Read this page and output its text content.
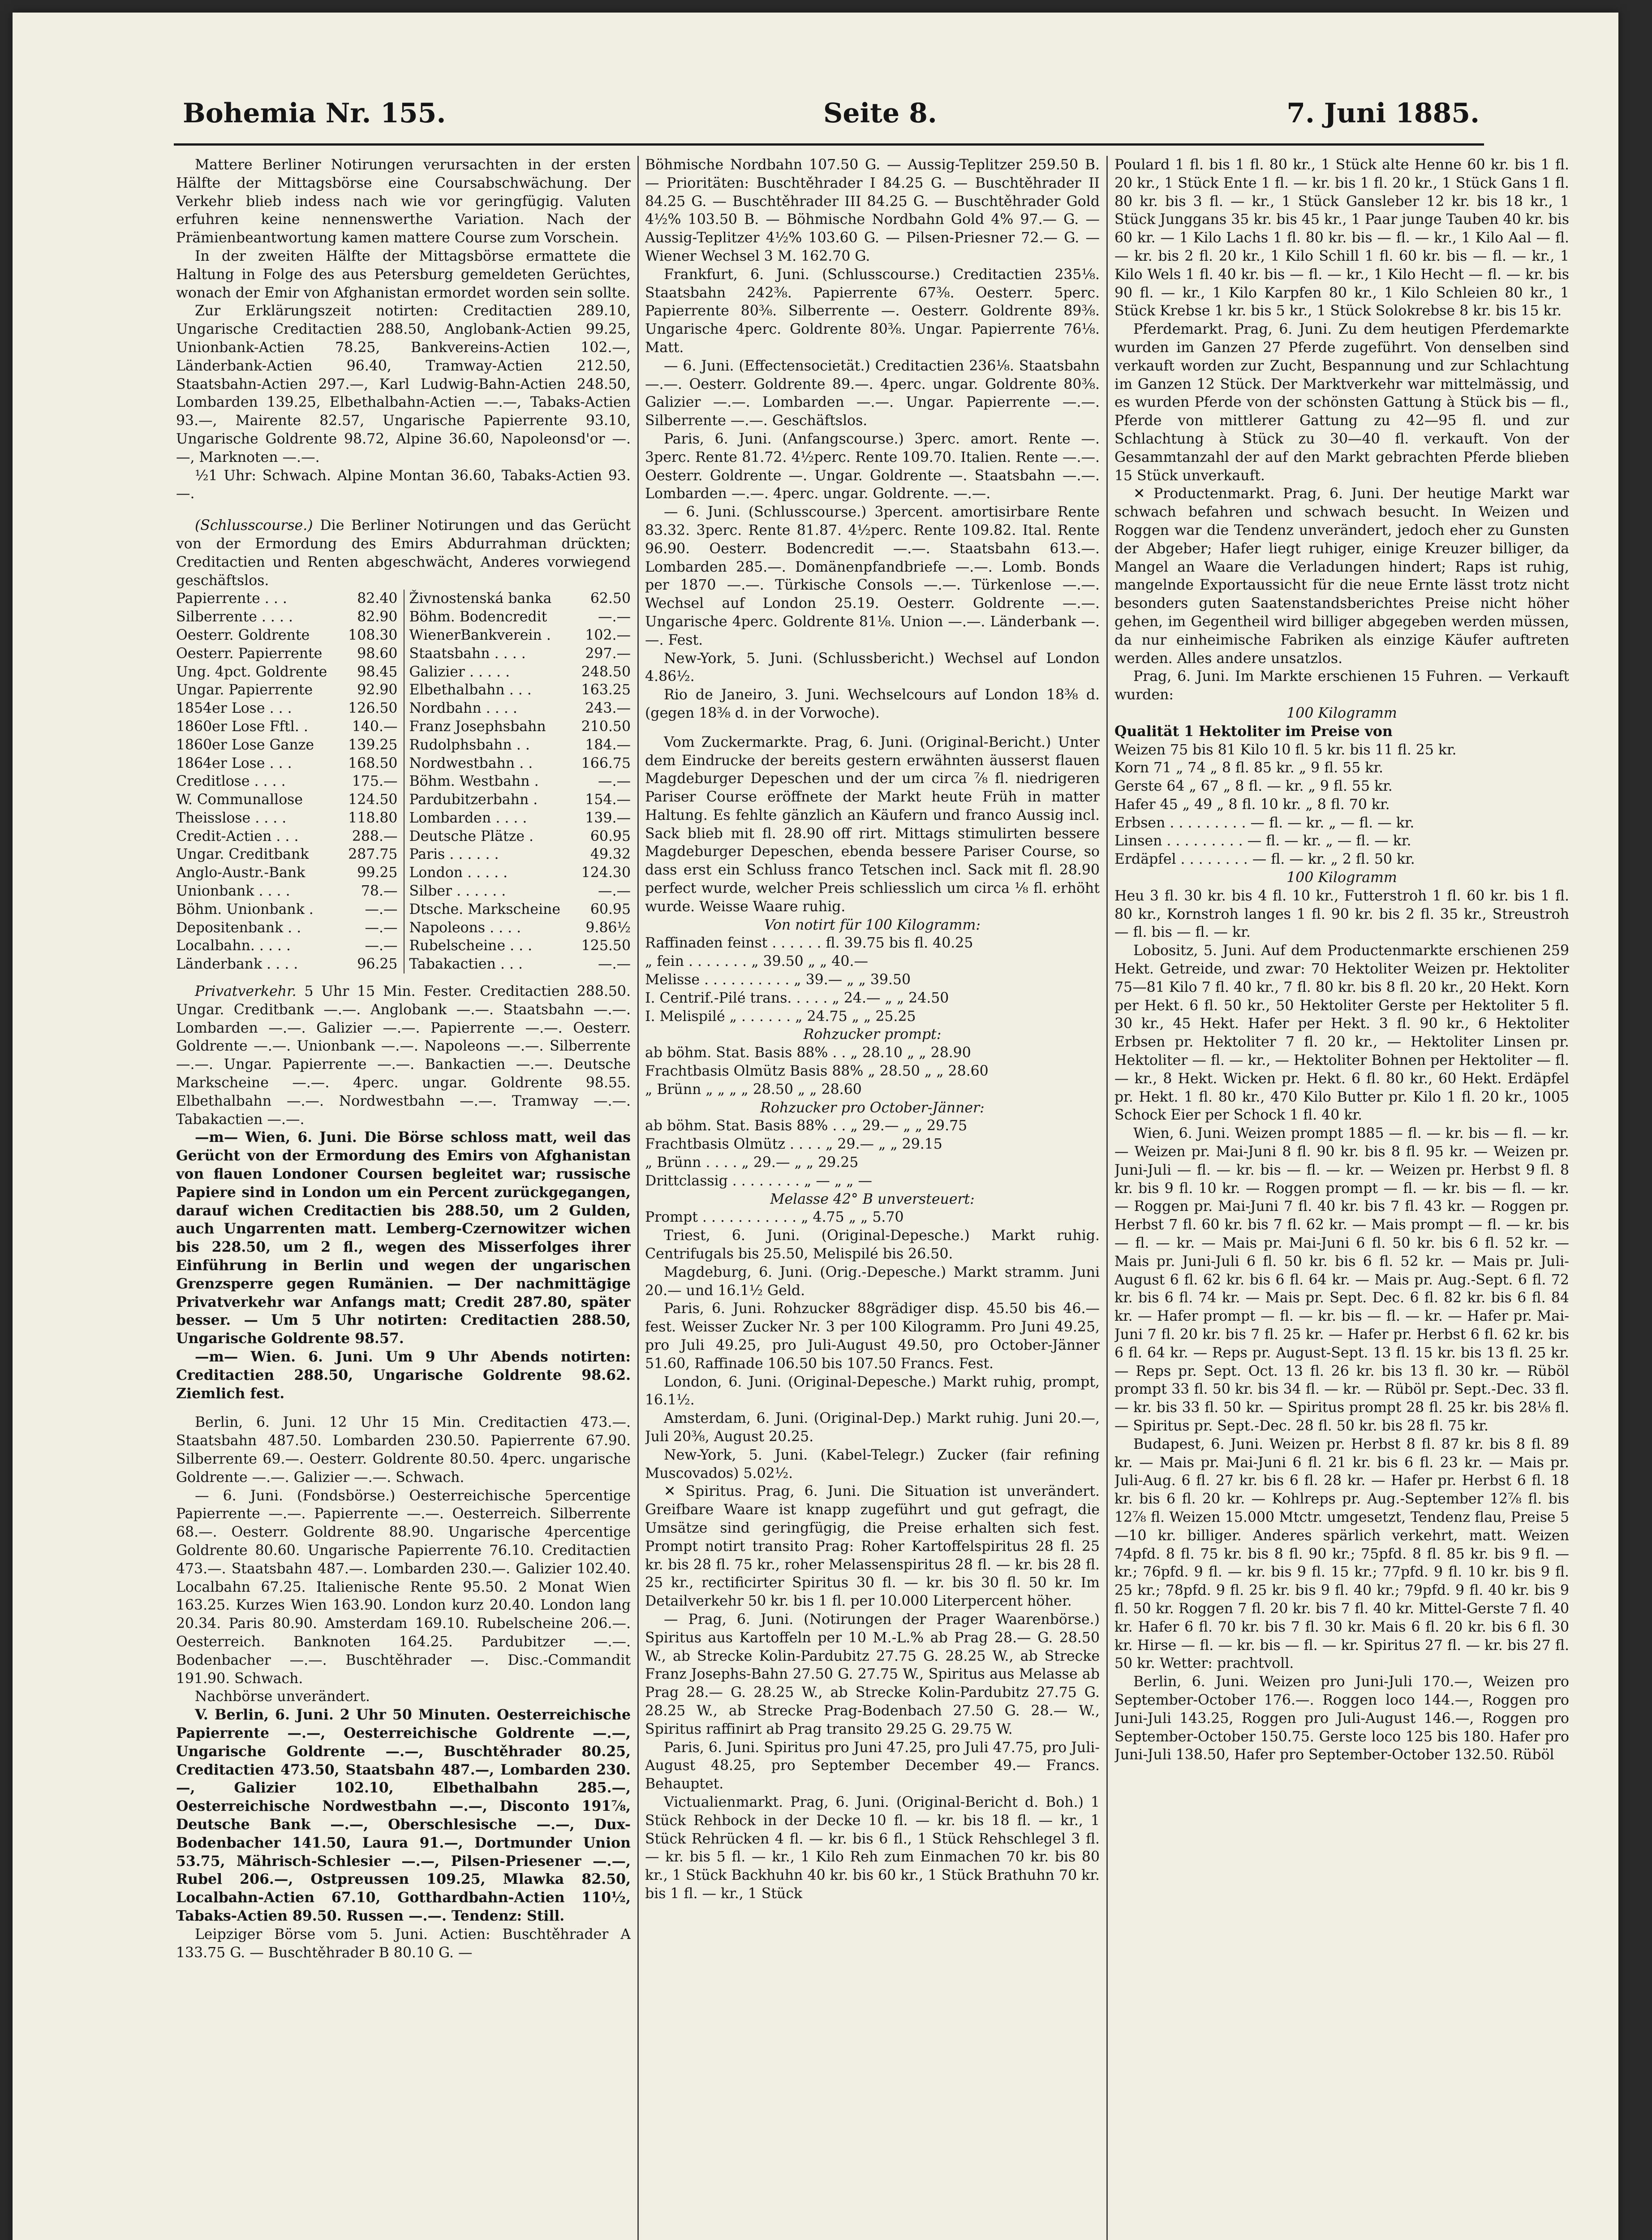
Bohemia Nr. 155.	Seite 8.	7. Juni 1885.

Mattere Berliner Notirungen verursachten in der ersten Hälfte der Mittagsbörse eine Coursabschwächung. Der Verkehr blieb indess nach wie vor geringfügig. Valuten erfuhren keine nennenswerthe Variation. Nach der Prämienbeantwortung kamen mattere Course zum Vorschein.

In der zweiten Hälfte der Mittagsbörse ermattete die Haltung in Folge des aus Petersburg gemeldeten Gerüchtes, wonach der Emir von Afghanistan ermordet worden sein sollte.

Zur Erklärungszeit notirten: Creditactien 289.10, Ungarische Creditactien 288.50, Anglobank-Actien 99.25, Unionbank-Actien 78.25, Bankvereins-Actien 102.—, Länderbank-Actien 96.40, Tramway-Actien 212.50, Staatsbahn-Actien 297.—, Karl Ludwig-Bahn-Actien 248.50, Lombarden 139.25, Elbethalbahn-Actien —.—, Tabaks-Actien 93.—, Mairente 82.57, Ungarische Papierrente 93.10, Ungarische Goldrente 98.72, Alpine 36.60, Napoleonsd'or —.—, Marknoten —.—.

½1 Uhr: Schwach. Alpine Montan 36.60, Tabaks-Actien 93.—.

(Schlusscourse.) Die Berliner Notirungen und das Gerücht von der Ermordung des Emirs Abdurrahman drückten; Creditactien und Renten abgeschwächt, Anderes vorwiegend geschäftslos.

Papierrente . . .	82.40	Živnostenská banka	62.50
Silberrente . . . .	82.90	Böhm. Bodencredit	—.—
Oesterr. Goldrente	108.30	WienerBankverein .	102.—
Oesterr. Papierrente	98.60	Staatsbahn . . . .	297.—
Ung. 4pct. Goldrente	98.45	Galizier . . . . .	248.50
Ungar. Papierrente	92.90	Elbethalbahn . . .	163.25
1854er Lose . . .	126.50	Nordbahn . . . .	243.—
1860er Lose Fftl. .	140.—	Franz Josephsbahn	210.50
1860er Lose Ganze	139.25	Rudolphsbahn . .	184.—
1864er Lose . . .	168.50	Nordwestbahn . .	166.75
Creditlose . . . .	175.—	Böhm. Westbahn .	—.—
W. Communallose	124.50	Pardubitzerbahn .	154.—
Theisslose . . . .	118.80	Lombarden . . . .	139.—
Credit-Actien . . .	288.—	Deutsche Plätze .	60.95
Ungar. Creditbank	287.75	Paris . . . . . .	49.32
Anglo-Austr.-Bank	99.25	London . . . . .	124.30
Unionbank . . . .	78.—	Silber . . . . . .	—.—
Böhm. Unionbank .	—.—	Dtsche. Markscheine	60.95
Depositenbank . .	—.—	Napoleons . . . .	9.86½
Localbahn. . . . .	—.—	Rubelscheine . . .	125.50
Länderbank . . . .	96.25	Tabakactien . . .	—.—

Privatverkehr. 5 Uhr 15 Min. Fester. Creditactien 288.50. Ungar. Creditbank —.—. Anglobank —.—. Staatsbahn —.—. Lombarden —.—. Galizier —.—. Papierrente —.—. Oesterr. Goldrente —.—. Unionbank —.—. Napoleons —.—. Silberrente —.—. Ungar. Papierrente —.—. Bankactien —.—. Deutsche Markscheine —.—. 4perc. ungar. Goldrente 98.55. Elbethalbahn —.—. Nordwestbahn —.—. Tramway —.—. Tabakactien —.—.

—m— Wien, 6. Juni. Die Börse schloss matt, weil das Gerücht von der Ermordung des Emirs von Afghanistan von flauen Londoner Coursen begleitet war; russische Papiere sind in London um ein Percent zurückgegangen, darauf wichen Creditactien bis 288.50, um 2 Gulden, auch Ungarrenten matt. Lemberg-Czernowitzer wichen bis 228.50, um 2 fl., wegen des Misserfolges ihrer Einführung in Berlin und wegen der ungarischen Grenzsperre gegen Rumänien. — Der nachmittägige Privatverkehr war Anfangs matt; Credit 287.80, später besser. — Um 5 Uhr notirten: Creditactien 288.50, Ungarische Goldrente 98.57.

—m— Wien. 6. Juni. Um 9 Uhr Abends notirten: Creditactien 288.50, Ungarische Goldrente 98.62. Ziemlich fest.

Berlin, 6. Juni. 12 Uhr 15 Min. Creditactien 473.—. Staatsbahn 487.50. Lombarden 230.50. Papierrente 67.90. Silberrente 69.—. Oesterr. Goldrente 80.50. 4perc. ungarische Goldrente —.—. Galizier —.—. Schwach.

— 6. Juni. (Fondsbörse.) Oesterreichische 5percentige Papierrente —.—. Papierrente —.—. Oesterreich. Silberrente 68.—. Oesterr. Goldrente 88.90. Ungarische 4percentige Goldrente 80.60. Ungarische Papierrente 76.10. Creditactien 473.—. Staatsbahn 487.—. Lombarden 230.—. Galizier 102.40. Localbahn 67.25. Italienische Rente 95.50. 2 Monat Wien 163.25. Kurzes Wien 163.90. London kurz 20.40. London lang 20.34. Paris 80.90. Amsterdam 169.10. Rubelscheine 206.—. Oesterreich. Banknoten 164.25. Pardubitzer —.—. Bodenbacher —.—. Buschtěhrader —. Disc.-Commandit 191.90. Schwach.

Nachbörse unverändert.

V. Berlin, 6. Juni. 2 Uhr 50 Minuten. Oesterreichische Papierrente —.—, Oesterreichische Goldrente —.—, Ungarische Goldrente —.—, Buschtěhrader 80.25, Creditactien 473.50, Staatsbahn 487.—, Lombarden 230.—, Galizier 102.10, Elbethalbahn 285.—, Oesterreichische Nordwestbahn —.—, Disconto 191⅞, Deutsche Bank —.—, Oberschlesische —.—, Dux-Bodenbacher 141.50, Laura 91.—, Dortmunder Union 53.75, Mährisch-Schlesier —.—, Pilsen-Priesener —.—, Rubel 206.—, Ostpreussen 109.25, Mlawka 82.50, Localbahn-Actien 67.10, Gotthardbahn-Actien 110½, Tabaks-Actien 89.50. Russen —.—. Tendenz: Still.

Leipziger Börse vom 5. Juni. Actien: Buschtěhrader A 133.75 G. — Buschtěhrader B 80.10 G. —

Böhmische Nordbahn 107.50 G. — Aussig-Teplitzer 259.50 B. — Prioritäten: Buschtěhrader I 84.25 G. — Buschtěhrader II 84.25 G. — Buschtěhrader III 84.25 G. — Buschtěhrader Gold 4½% 103.50 B. — Böhmische Nordbahn Gold 4% 97.— G. — Aussig-Teplitzer 4½% 103.60 G. — Pilsen-Priesner 72.— G. — Wiener Wechsel 3 M. 162.70 G.

Frankfurt, 6. Juni. (Schlusscourse.) Creditactien 235⅛. Staatsbahn 242⅜. Papierrente 67⅜. Oesterr. 5perc. Papierrente 80⅜. Silberrente —. Oesterr. Goldrente 89⅜. Ungarische 4perc. Goldrente 80⅜. Ungar. Papierrente 76⅛. Matt.

— 6. Juni. (Effectensocietät.) Creditactien 236⅛. Staatsbahn —.—. Oesterr. Goldrente 89.—. 4perc. ungar. Goldrente 80⅜. Galizier —.—. Lombarden —.—. Ungar. Papierrente —.—. Silberrente —.—. Geschäftslos.

Paris, 6. Juni. (Anfangscourse.) 3perc. amort. Rente —. 3perc. Rente 81.72. 4½perc. Rente 109.70. Italien. Rente —.—. Oesterr. Goldrente —. Ungar. Goldrente —. Staatsbahn —.—. Lombarden —.—. 4perc. ungar. Goldrente. —.—.

— 6. Juni. (Schlusscourse.) 3percent. amortisirbare Rente 83.32. 3perc. Rente 81.87. 4½perc. Rente 109.82. Ital. Rente 96.90. Oesterr. Bodencredit —.—. Staatsbahn 613.—. Lombarden 285.—. Domänenpfandbriefe —.—. Lomb. Bonds per 1870 —.—. Türkische Consols —.—. Türkenlose —.—. Wechsel auf London 25.19. Oesterr. Goldrente —.—. Ungarische 4perc. Goldrente 81⅛. Union —.—. Länderbank —.—. Fest.

New-York, 5. Juni. (Schlussbericht.) Wechsel auf London 4.86½.

Rio de Janeiro, 3. Juni. Wechselcours auf London 18⅜ d. (gegen 18⅜ d. in der Vorwoche).

Vom Zuckermarkte. Prag, 6. Juni. (Original-Bericht.) Unter dem Eindrucke der bereits gestern erwähnten äusserst flauen Magdeburger Depeschen und der um circa ⅞ fl. niedrigeren Pariser Course eröffnete der Markt heute Früh in matter Haltung. Es fehlte gänzlich an Käufern und franco Aussig incl. Sack blieb mit fl. 28.90 off rirt. Mittags stimulirten bessere Magdeburger Depeschen, ebenda bessere Pariser Course, so dass erst ein Schluss franco Tetschen incl. Sack mit fl. 28.90 perfect wurde, welcher Preis schliesslich um circa ⅛ fl. erhöht wurde. Weisse Waare ruhig.

Von notirt für 100 Kilogramm:

Raffinaden feinst . . . . . . fl. 39.75 bis fl. 40.25
„ fein . . . . . . . „ 39.50 „ „ 40.—
Melisse . . . . . . . . . . „ 39.— „ „ 39.50
I. Centrif.-Pilé trans. . . . . „ 24.— „ „ 24.50
I. Melispilé „ . . . . . . „ 24.75 „ „ 25.25

Rohzucker prompt:

ab böhm. Stat. Basis 88% . . „ 28.10 „ „ 28.90
Frachtbasis Olmütz Basis 88% „ 28.50 „ „ 28.60
„ Brünn „ „ „ „ 28.50 „ „ 28.60

Rohzucker pro October-Jänner:

ab böhm. Stat. Basis 88% . . „ 29.— „ „ 29.75
Frachtbasis Olmütz . . . . „ 29.— „ „ 29.15
„ Brünn . . . . „ 29.— „ „ 29.25
Drittclassig . . . . . . . . „ — „ „ —

Melasse 42° B unversteuert:

Prompt . . . . . . . . . . . „ 4.75 „ „ 5.70

Triest, 6. Juni. (Original-Depesche.) Markt ruhig. Centrifugals bis 25.50, Melispilé bis 26.50.

Magdeburg, 6. Juni. (Orig.-Depesche.) Markt stramm. Juni 20.— und 16.1½ Geld.

Paris, 6. Juni. Rohzucker 88grädiger disp. 45.50 bis 46.— fest. Weisser Zucker Nr. 3 per 100 Kilogramm. Pro Juni 49.25, pro Juli 49.25, pro Juli-August 49.50, pro October-Jänner 51.60, Raffinade 106.50 bis 107.50 Francs. Fest.

London, 6. Juni. (Original-Depesche.) Markt ruhig, prompt, 16.1½.

Amsterdam, 6. Juni. (Original-Dep.) Markt ruhig. Juni 20.—, Juli 20⅜, August 20.25.

New-York, 5. Juni. (Kabel-Telegr.) Zucker (fair refining Muscovados) 5.02½.

✕ Spiritus. Prag, 6. Juni. Die Situation ist unverändert. Greifbare Waare ist knapp zugeführt und gut gefragt, die Umsätze sind geringfügig, die Preise erhalten sich fest. Prompt notirt transito Prag: Roher Kartoffelspiritus 28 fl. 25 kr. bis 28 fl. 75 kr., roher Melassenspiritus 28 fl. — kr. bis 28 fl. 25 kr., rectificirter Spiritus 30 fl. — kr. bis 30 fl. 50 kr. Im Detailverkehr 50 kr. bis 1 fl. per 10.000 Literpercent höher.

— Prag, 6. Juni. (Notirungen der Prager Waarenbörse.) Spiritus aus Kartoffeln per 10 M.-L.% ab Prag 28.— G. 28.50 W., ab Strecke Kolin-Pardubitz 27.75 G. 28.25 W., ab Strecke Franz Josephs-Bahn 27.50 G. 27.75 W., Spiritus aus Melasse ab Prag 28.— G. 28.25 W., ab Strecke Kolin-Pardubitz 27.75 G. 28.25 W., ab Strecke Prag-Bodenbach 27.50 G. 28.— W., Spiritus raffinirt ab Prag transito 29.25 G. 29.75 W.

Paris, 6. Juni. Spiritus pro Juni 47.25, pro Juli 47.75, pro Juli-August 48.25, pro September December 49.— Francs. Behauptet.

Victualienmarkt. Prag, 6. Juni. (Original-Bericht d. Boh.) 1 Stück Rehbock in der Decke 10 fl. — kr. bis 18 fl. — kr., 1 Stück Rehrücken 4 fl. — kr. bis 6 fl., 1 Stück Rehschlegel 3 fl. — kr. bis 5 fl. — kr., 1 Kilo Reh zum Einmachen 70 kr. bis 80 kr., 1 Stück Backhuhn 40 kr. bis 60 kr., 1 Stück Brathuhn 70 kr. bis 1 fl. — kr., 1 Stück

Poulard 1 fl. bis 1 fl. 80 kr., 1 Stück alte Henne 60 kr. bis 1 fl. 20 kr., 1 Stück Ente 1 fl. — kr. bis 1 fl. 20 kr., 1 Stück Gans 1 fl. 80 kr. bis 3 fl. — kr., 1 Stück Gansleber 12 kr. bis 18 kr., 1 Stück Junggans 35 kr. bis 45 kr., 1 Paar junge Tauben 40 kr. bis 60 kr. — 1 Kilo Lachs 1 fl. 80 kr. bis — fl. — kr., 1 Kilo Aal — fl. — kr. bis 2 fl. 20 kr., 1 Kilo Schill 1 fl. 60 kr. bis — fl. — kr., 1 Kilo Wels 1 fl. 40 kr. bis — fl. — kr., 1 Kilo Hecht — fl. — kr. bis 90 fl. — kr., 1 Kilo Karpfen 80 kr., 1 Kilo Schleien 80 kr., 1 Stück Krebse 1 kr. bis 5 kr., 1 Stück Solokrebse 8 kr. bis 15 kr.

Pferdemarkt. Prag, 6. Juni. Zu dem heutigen Pferdemarkte wurden im Ganzen 27 Pferde zugeführt. Von denselben sind verkauft worden zur Zucht, Bespannung und zur Schlachtung im Ganzen 12 Stück. Der Marktverkehr war mittelmässig, und es wurden Pferde von der schönsten Gattung à Stück bis — fl., Pferde von mittlerer Gattung zu 42—95 fl. und zur Schlachtung à Stück zu 30—40 fl. verkauft. Von der Gesammtanzahl der auf den Markt gebrachten Pferde blieben 15 Stück unverkauft.

✕ Productenmarkt. Prag, 6. Juni. Der heutige Markt war schwach befahren und schwach besucht. In Weizen und Roggen war die Tendenz unverändert, jedoch eher zu Gunsten der Abgeber; Hafer liegt ruhiger, einige Kreuzer billiger, da Mangel an Waare die Verladungen hindert; Raps ist ruhig, mangelnde Exportaussicht für die neue Ernte lässt trotz nicht besonders guten Saatenstandsberichtes Preise nicht höher gehen, im Gegentheil wird billiger abgegeben werden müssen, da nur einheimische Fabriken als einzige Käufer auftreten werden. Alles andere unsatzlos.

Prag, 6. Juni. Im Markte erschienen 15 Fuhren. — Verkauft wurden:

100 Kilogramm

Qualität 1 Hektoliter im Preise von

Weizen 75 bis 81 Kilo 10 fl. 5 kr. bis 11 fl. 25 kr.
Korn 71 „ 74 „ 8 fl. 85 kr. „ 9 fl. 55 kr.
Gerste 64 „ 67 „ 8 fl. — kr. „ 9 fl. 55 kr.
Hafer 45 „ 49 „ 8 fl. 10 kr. „ 8 fl. 70 kr.
Erbsen . . . . . . . . . — fl. — kr. „ — fl. — kr.
Linsen . . . . . . . . . — fl. — kr. „ — fl. — kr.
Erdäpfel . . . . . . . . — fl. — kr. „ 2 fl. 50 kr.

100 Kilogramm

Heu 3 fl. 30 kr. bis 4 fl. 10 kr., Futterstroh 1 fl. 60 kr. bis 1 fl. 80 kr., Kornstroh langes 1 fl. 90 kr. bis 2 fl. 35 kr., Streustroh — fl. bis — fl. — kr.

Lobositz, 5. Juni. Auf dem Productenmarkte erschienen 259 Hekt. Getreide, und zwar: 70 Hektoliter Weizen pr. Hektoliter 75—81 Kilo 7 fl. 40 kr., 7 fl. 80 kr. bis 8 fl. 20 kr., 20 Hekt. Korn per Hekt. 6 fl. 50 kr., 50 Hektoliter Gerste per Hektoliter 5 fl. 30 kr., 45 Hekt. Hafer per Hekt. 3 fl. 90 kr., 6 Hektoliter Erbsen pr. Hektoliter 7 fl. 20 kr., — Hektoliter Linsen pr. Hektoliter — fl. — kr., — Hektoliter Bohnen per Hektoliter — fl. — kr., 8 Hekt. Wicken pr. Hekt. 6 fl. 80 kr., 60 Hekt. Erdäpfel pr. Hekt. 1 fl. 80 kr., 470 Kilo Butter pr. Kilo 1 fl. 20 kr., 1005 Schock Eier per Schock 1 fl. 40 kr.

Wien, 6. Juni. Weizen prompt 1885 — fl. — kr. bis — fl. — kr. — Weizen pr. Mai-Juni 8 fl. 90 kr. bis 8 fl. 95 kr. — Weizen pr. Juni-Juli — fl. — kr. bis — fl. — kr. — Weizen pr. Herbst 9 fl. 8 kr. bis 9 fl. 10 kr. — Roggen prompt — fl. — kr. bis — fl. — kr. — Roggen pr. Mai-Juni 7 fl. 40 kr. bis 7 fl. 43 kr. — Roggen pr. Herbst 7 fl. 60 kr. bis 7 fl. 62 kr. — Mais prompt — fl. — kr. bis — fl. — kr. — Mais pr. Mai-Juni 6 fl. 50 kr. bis 6 fl. 52 kr. — Mais pr. Juni-Juli 6 fl. 50 kr. bis 6 fl. 52 kr. — Mais pr. Juli-August 6 fl. 62 kr. bis 6 fl. 64 kr. — Mais pr. Aug.-Sept. 6 fl. 72 kr. bis 6 fl. 74 kr. — Mais pr. Sept. Dec. 6 fl. 82 kr. bis 6 fl. 84 kr. — Hafer prompt — fl. — kr. bis — fl. — kr. — Hafer pr. Mai-Juni 7 fl. 20 kr. bis 7 fl. 25 kr. — Hafer pr. Herbst 6 fl. 62 kr. bis 6 fl. 64 kr. — Reps pr. August-Sept. 13 fl. 15 kr. bis 13 fl. 25 kr. — Reps pr. Sept. Oct. 13 fl. 26 kr. bis 13 fl. 30 kr. — Rüböl prompt 33 fl. 50 kr. bis 34 fl. — kr. — Rüböl pr. Sept.-Dec. 33 fl. — kr. bis 33 fl. 50 kr. — Spiritus prompt 28 fl. 25 kr. bis 28⅛ fl. — Spiritus pr. Sept.-Dec. 28 fl. 50 kr. bis 28 fl. 75 kr.

Budapest, 6. Juni. Weizen pr. Herbst 8 fl. 87 kr. bis 8 fl. 89 kr. — Mais pr. Mai-Juni 6 fl. 21 kr. bis 6 fl. 23 kr. — Mais pr. Juli-Aug. 6 fl. 27 kr. bis 6 fl. 28 kr. — Hafer pr. Herbst 6 fl. 18 kr. bis 6 fl. 20 kr. — Kohlreps pr. Aug.-September 12⅞ fl. bis 12⅞ fl. Weizen 15.000 Mtctr. umgesetzt, Tendenz flau, Preise 5—10 kr. billiger. Anderes spärlich verkehrt, matt. Weizen 74pfd. 8 fl. 75 kr. bis 8 fl. 90 kr.; 75pfd. 8 fl. 85 kr. bis 9 fl. — kr.; 76pfd. 9 fl. — kr. bis 9 fl. 15 kr.; 77pfd. 9 fl. 10 kr. bis 9 fl. 25 kr.; 78pfd. 9 fl. 25 kr. bis 9 fl. 40 kr.; 79pfd. 9 fl. 40 kr. bis 9 fl. 50 kr. Roggen 7 fl. 20 kr. bis 7 fl. 40 kr. Mittel-Gerste 7 fl. 40 kr. Hafer 6 fl. 70 kr. bis 7 fl. 30 kr. Mais 6 fl. 20 kr. bis 6 fl. 30 kr. Hirse — fl. — kr. bis — fl. — kr. Spiritus 27 fl. — kr. bis 27 fl. 50 kr. Wetter: prachtvoll.

Berlin, 6. Juni. Weizen pro Juni-Juli 170.—, Weizen pro September-October 176.—. Roggen loco 144.—, Roggen pro Juni-Juli 143.25, Roggen pro Juli-August 146.—, Roggen pro September-October 150.75. Gerste loco 125 bis 180. Hafer pro Juni-Juli 138.50, Hafer pro September-October 132.50. Rüböl
